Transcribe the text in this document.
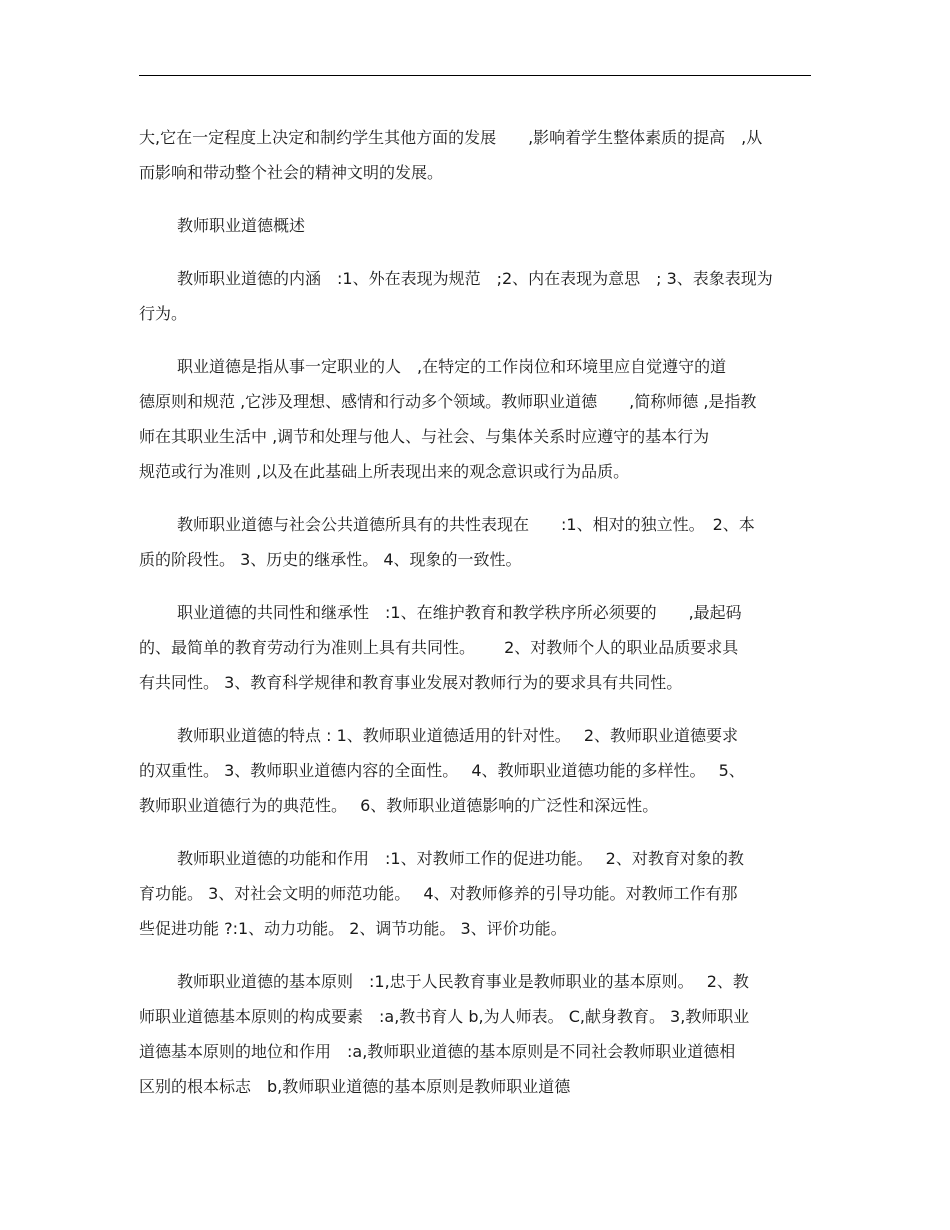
大,它在一定程度上决定和制约学生其他方面的发展　　,影响着学生整体素质的提高　,从
而影响和带动整个社会的精神文明的发展。
教师职业道德概述
教师职业道德的内涵　:1、外在表现为规范　;2、内在表现为意思　; 3、表象表现为
行为。
职业道德是指从事一定职业的人　,在特定的工作岗位和环境里应自觉遵守的道
德原则和规范 ,它涉及理想、感情和行动多个领域。教师职业道德　　,简称师德 ,是指教
师在其职业生活中 ,调节和处理与他人、与社会、与集体关系时应遵守的基本行为
规范或行为准则 ,以及在此基础上所表现出来的观念意识或行为品质。
教师职业道德与社会公共道德所具有的共性表现在　　:1、相对的独立性。　2、本
质的阶段性。 3、历史的继承性。 4、现象的一致性。
职业道德的共同性和继承性　:1、在维护教育和教学秩序所必须要的　　,最起码
的、最简单的教育劳动行为准则上具有共同性。　　 2、对教师个人的职业品质要求具
有共同性。 3、教育科学规律和教育事业发展对教师行为的要求具有共同性。
教师职业道德的特点 : 1、教师职业道德适用的针对性。　 2、教师职业道德要求
的双重性。 3、教师职业道德内容的全面性。　 4、教师职业道德功能的多样性。　 5、
教师职业道德行为的典范性。　 6、教师职业道德影响的广泛性和深远性。
教师职业道德的功能和作用　:1、对教师工作的促进功能。　 2、对教育对象的教
育功能。 3、对社会文明的师范功能。　 4、对教师修养的引导功能。对教师工作有那
些促进功能 ?:1、动力功能。 2、调节功能。 3、评价功能。
教师职业道德的基本原则　:1,忠于人民教育事业是教师职业的基本原则。　 2、教
师职业道德基本原则的构成要素　:a,教书育人 b,为人师表。 C,献身教育。 3,教师职业
道德基本原则的地位和作用　:a,教师职业道德的基本原则是不同社会教师职业道德相
区别的根本标志　b,教师职业道德的基本原则是教师职业道德
